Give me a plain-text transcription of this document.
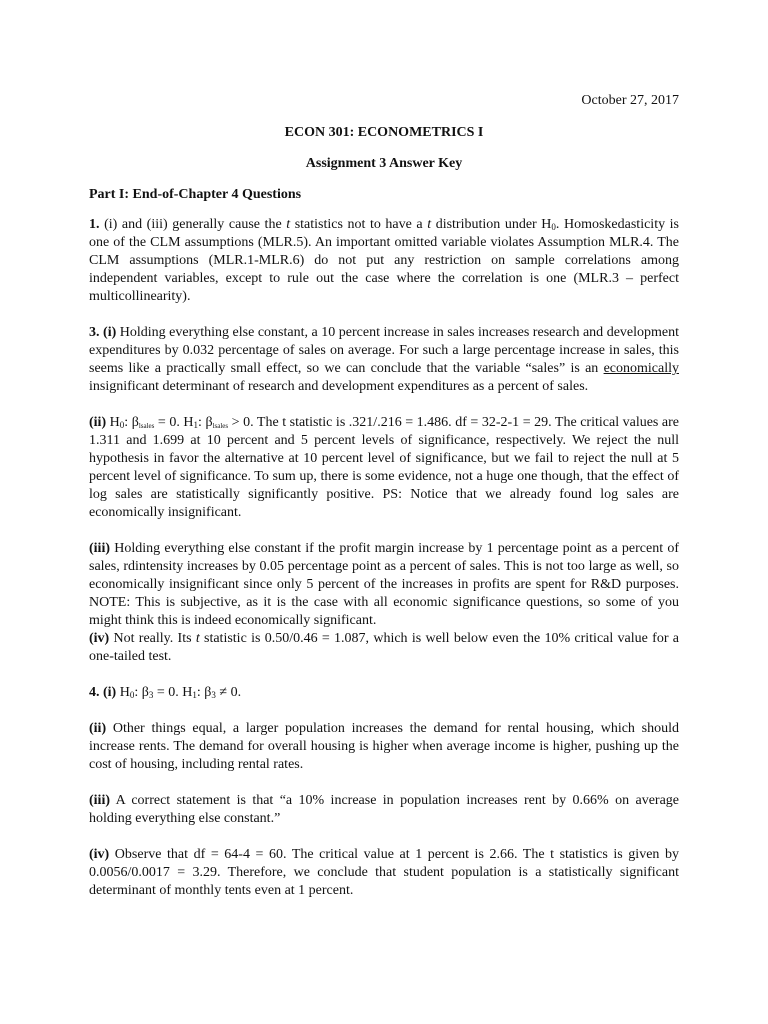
October 27, 2017
ECON 301: ECONOMETRICS I
Assignment 3 Answer Key
Part I: End-of-Chapter 4 Questions

1. (i) and (iii) generally cause the t statistics not to have a t distribution under $H_0$. Homoskedasticity is one of the CLM assumptions (MLR.5). An important omitted variable violates Assumption MLR.4. The CLM assumptions (MLR.1-MLR.6) do not put any restriction on sample correlations among independent variables, except to rule out the case where the correlation is one (MLR.3 – perfect multicollinearity).

3. (i) Holding everything else constant, a 10 percent increase in sales increases research and development expenditures by 0.032 percentage of sales on average. For such a large percentage increase in sales, this seems like a practically small effect, so we can conclude that the variable “sales” is an economically insignificant determinant of research and development expenditures as a percent of sales.

(ii) $H_0$: $\beta_{lsales} = 0$. $H_1$: $\beta_{lsales} > 0$. The t statistic is .321/.216 = 1.486. df = 32-2-1 = 29. The critical values are 1.311 and 1.699 at 10 percent and 5 percent levels of significance, respectively. We reject the null hypothesis in favor the alternative at 10 percent level of significance, but we fail to reject the null at 5 percent level of significance. To sum up, there is some evidence, not a huge one though, that the effect of log sales are statistically significantly positive. PS: Notice that we already found log sales are economically insignificant.

(iii) Holding everything else constant if the profit margin increase by 1 percentage point as a percent of sales, rdintensity increases by 0.05 percentage point as a percent of sales. This is not too large as well, so economically insignificant since only 5 percent of the increases in profits are spent for R&D purposes. NOTE: This is subjective, as it is the case with all economic significance questions, so some of you might think this is indeed economically significant.

(iv) Not really. Its t statistic is 0.50/0.46 = 1.087, which is well below even the 10% critical value for a one-tailed test.

4. (i) $H_0$: $\beta_3 = 0$. $H_1$: $\beta_3 \ne 0$.

(ii) Other things equal, a larger population increases the demand for rental housing, which should increase rents. The demand for overall housing is higher when average income is higher, pushing up the cost of housing, including rental rates.

(iii) A correct statement is that “a 10% increase in population increases rent by 0.66% on average holding everything else constant.”

(iv) Observe that df = 64-4 = 60. The critical value at 1 percent is 2.66. The t statistics is given by 0.0056/0.0017 = 3.29. Therefore, we conclude that student population is a statistically significant determinant of monthly tents even at 1 percent.
